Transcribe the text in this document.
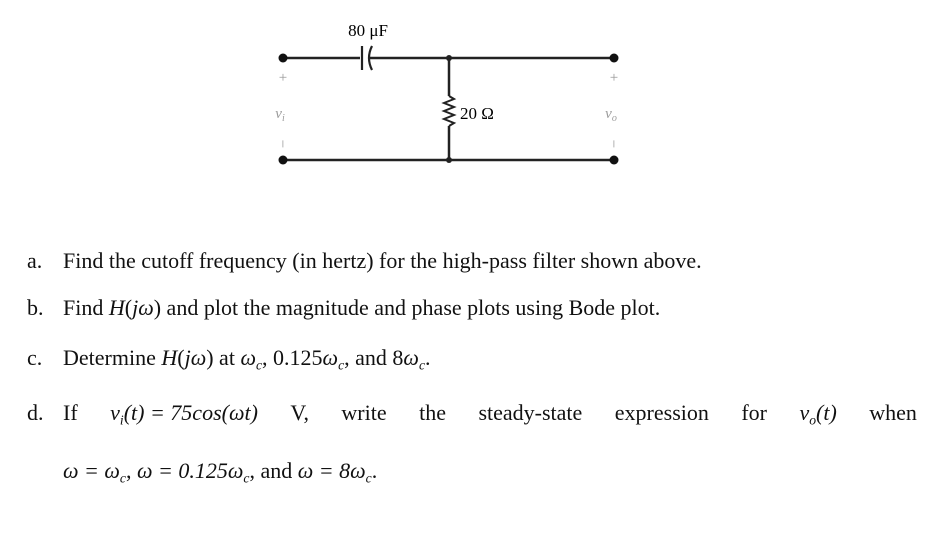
80 μF
20 Ω
+
$v_i$
−
+
$v_o$
−
a. Find the cutoff frequency (in hertz) for the high-pass filter shown above.
b. Find H(jω) and plot the magnitude and phase plots using Bode plot.
c. Determine H(jω) at $\omega_c$, $0.125\omega_c$, and $8\omega_c$.
d. If $v_i(t) = 75\cos(\omega t)$ V, write the steady-state expression for $v_o(t)$ when
$\omega = \omega_c$, $\omega = 0.125\omega_c$, and $\omega = 8\omega_c$.
